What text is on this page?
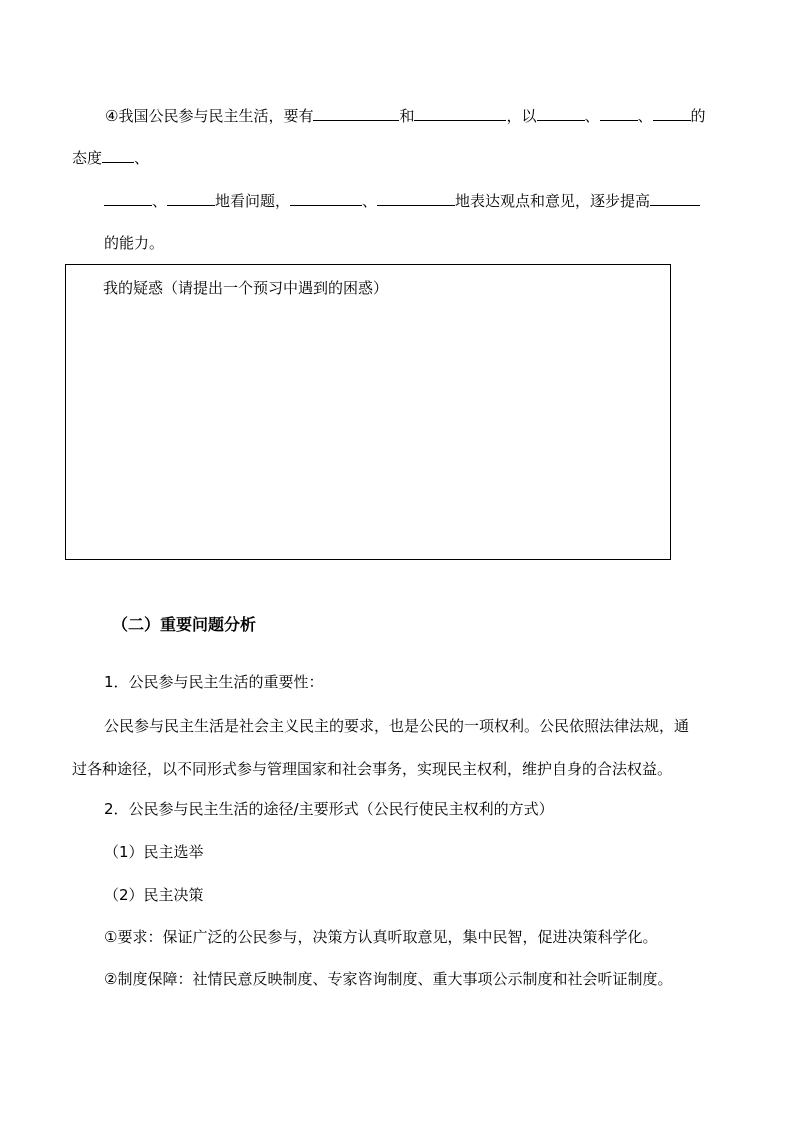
④我国公民参与民主生活，要有	和	，以	、	、	的
态度 、
、	地看问题，	、	地表达观点和意见，逐步提高
的能力。
我的疑惑（请提出一个预习中遇到的困惑）
（二）重要问题分析
1．公民参与民主生活的重要性：
公民参与民主生活是社会主义民主的要求，也是公民的一项权利。公民依照法律法规，通
过各种途径，以不同形式参与管理国家和社会事务，实现民主权利，维护自身的合法权益。
2．公民参与民主生活的途径/主要形式（公民行使民主权利的方式）
（1）民主选举
（2）民主决策
①要求：保证广泛的公民参与，决策方认真听取意见，集中民智，促进决策科学化。
②制度保障：社情民意反映制度、专家咨询制度、重大事项公示制度和社会听证制度。
